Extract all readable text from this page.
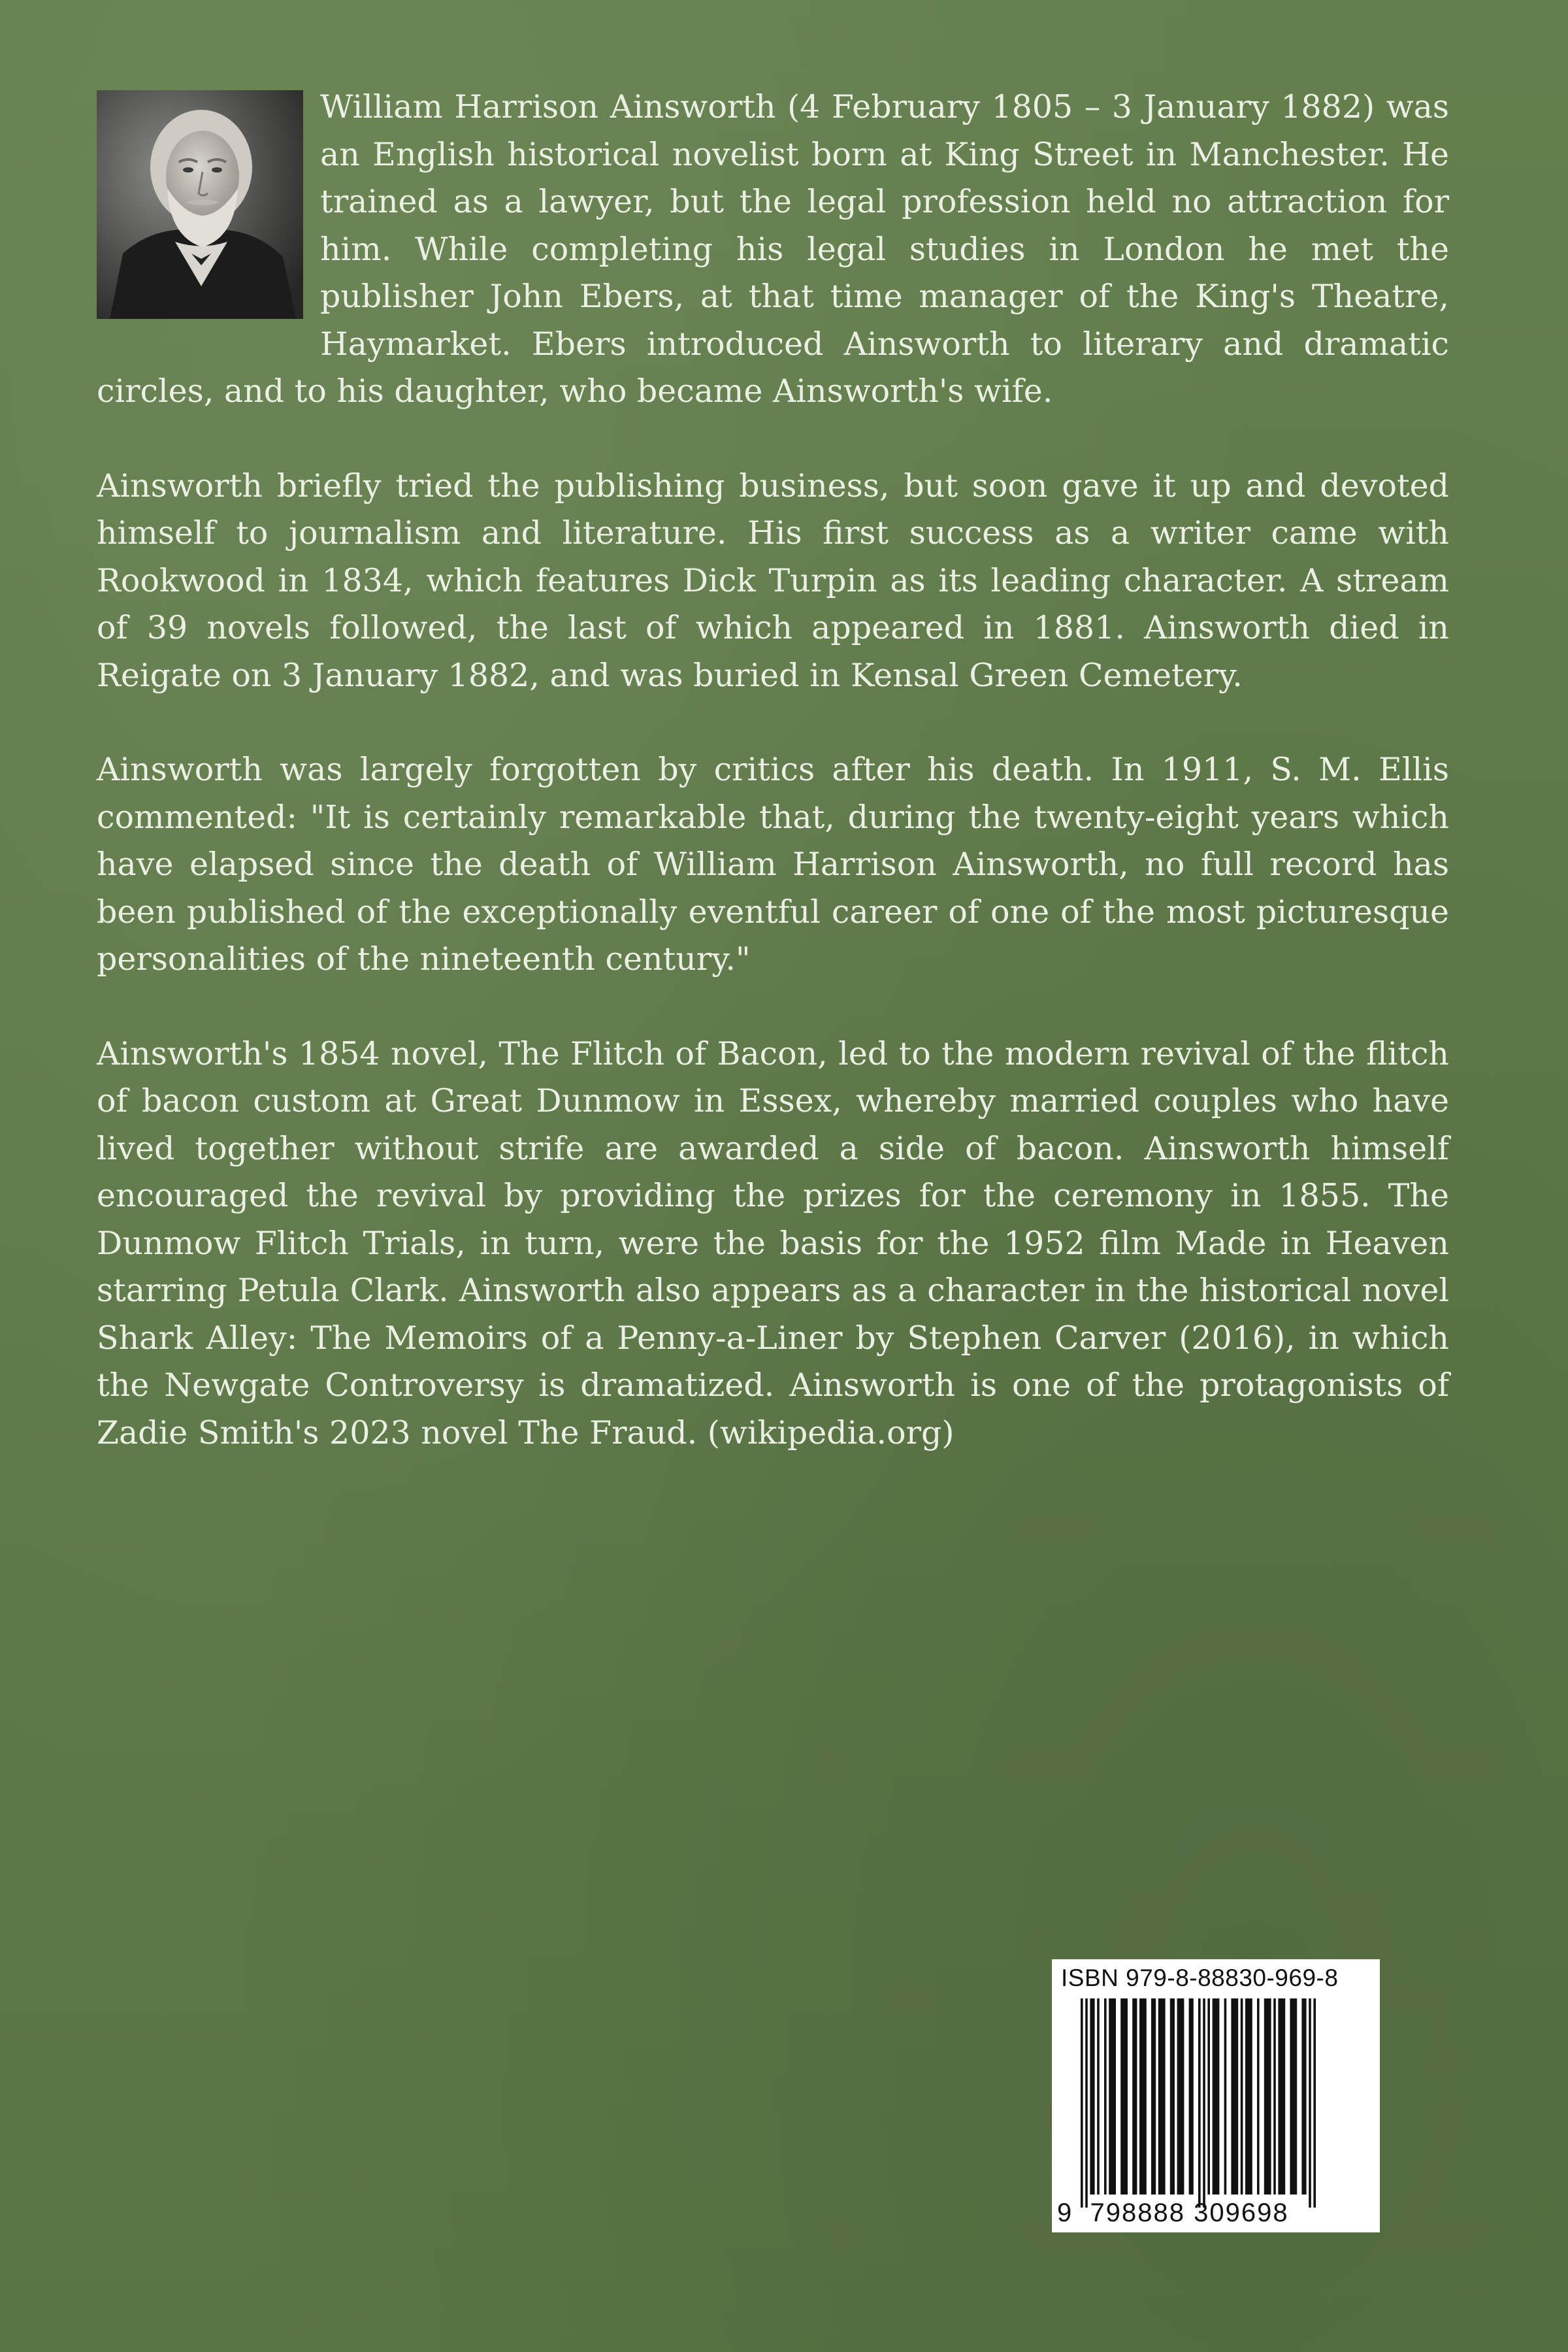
William Harrison Ainsworth (4 February 1805 – 3 January 1882) was an English historical novelist born at King Street in Manchester. He trained as a lawyer, but the legal profession held no attraction for him. While completing his legal studies in London he met the publisher John Ebers, at that time manager of the King's Theatre, Haymarket. Ebers introduced Ainsworth to literary and dramatic circles, and to his daughter, who became Ainsworth's wife.

Ainsworth briefly tried the publishing business, but soon gave it up and devoted himself to journalism and literature. His first success as a writer came with Rookwood in 1834, which features Dick Turpin as its leading character. A stream of 39 novels followed, the last of which appeared in 1881. Ainsworth died in Reigate on 3 January 1882, and was buried in Kensal Green Cemetery.

Ainsworth was largely forgotten by critics after his death. In 1911, S. M. Ellis commented: "It is certainly remarkable that, during the twenty-eight years which have elapsed since the death of William Harrison Ainsworth, no full record has been published of the exceptionally eventful career of one of the most picturesque personalities of the nineteenth century."

Ainsworth's 1854 novel, The Flitch of Bacon, led to the modern revival of the flitch of bacon custom at Great Dunmow in Essex, whereby married couples who have lived together without strife are awarded a side of bacon. Ainsworth himself encouraged the revival by providing the prizes for the ceremony in 1855. The Dunmow Flitch Trials, in turn, were the basis for the 1952 film Made in Heaven starring Petula Clark. Ainsworth also appears as a character in the historical novel Shark Alley: The Memoirs of a Penny-a-Liner by Stephen Carver (2016), in which the Newgate Controversy is dramatized. Ainsworth is one of the protagonists of Zadie Smith's 2023 novel The Fraud. (wikipedia.org)

ISBN 979-8-88830-969-8
9 798888 309698
